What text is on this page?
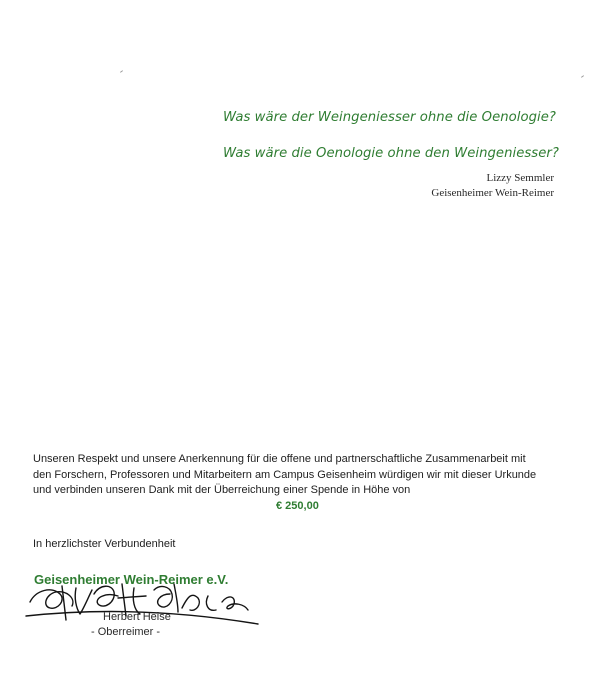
Was wäre der Weingeniesser ohne die Oenologie?
Was wäre die Oenologie ohne den Weingeniesser?
Lizzy Semmler
Geisenheimer Wein-Reimer
Unseren Respekt und unsere Anerkennung für die offene und partnerschaftliche Zusammenarbeit mit
den Forschern, Professoren und Mitarbeitern am Campus Geisenheim würdigen wir mit dieser Urkunde
und verbinden unseren Dank mit der Überreichung einer Spende in Höhe von
€ 250,00
In herzlichster Verbundenheit
Geisenheimer Wein-Reimer e.V.
Herbert Heise
- Oberreimer -
